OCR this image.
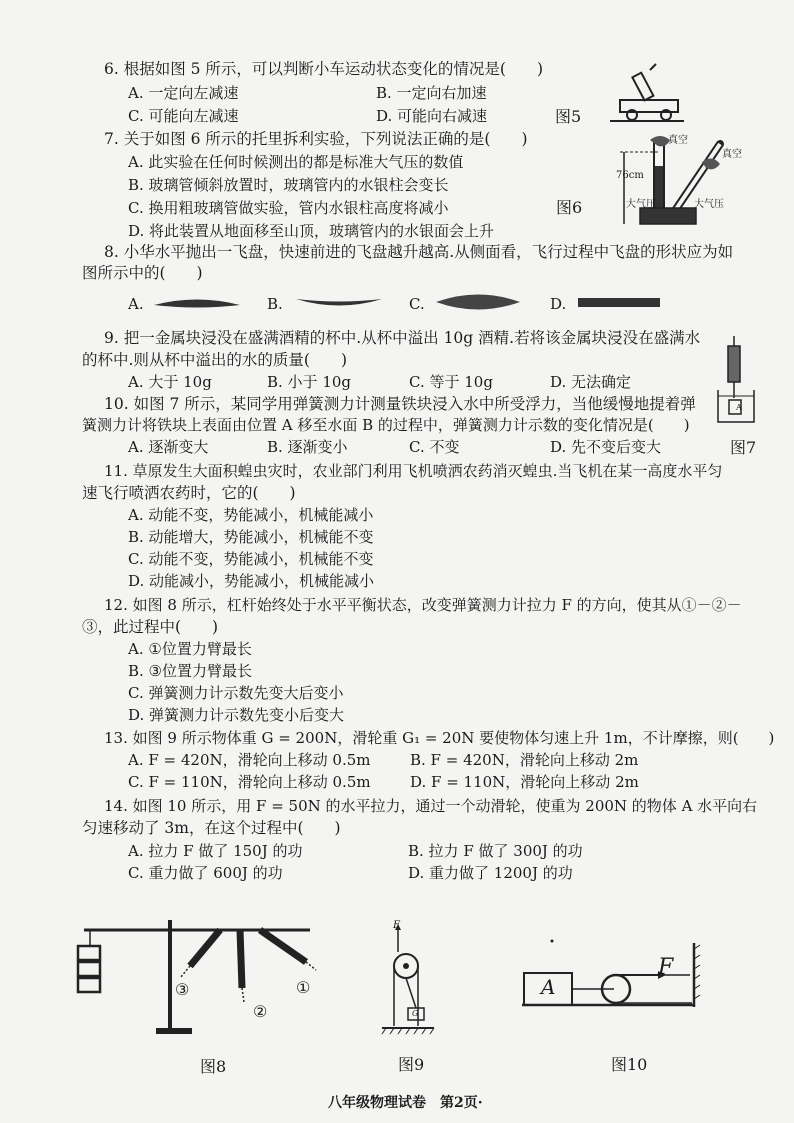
6. 根据如图 5 所示，可以判断小车运动状态变化的情况是(　　)
A. 一定向左减速	B. 一定向右加速
C. 可能向左减速	D. 可能向右减速	图5
7. 关于如图 6 所示的托里拆利实验，下列说法正确的是(　　)
A. 此实验在任何时候测出的都是标准大气压的数值
B. 玻璃管倾斜放置时，玻璃管内的水银柱会变长
C. 换用粗玻璃管做实验，管内水银柱高度将减小
D. 将此装置从地面移至山顶，玻璃管内的水银面会上升
图6
真空
真空
76cm
大气压	大气压
8. 小华水平抛出一飞盘，快速前进的飞盘越升越高.从侧面看，飞行过程中飞盘的形状应为如
图所示中的(　　)
A.	B.	C.	D.
9. 把一金属块浸没在盛满酒精的杯中.从杯中溢出 10g 酒精.若将该金属块浸没在盛满水
的杯中.则从杯中溢出的水的质量(　　)
A. 大于 10g	B. 小于 10g	C. 等于 10g	D. 无法确定
A
10. 如图 7 所示，某同学用弹簧测力计测量铁块浸入水中所受浮力，当他缓慢地提着弹
簧测力计将铁块上表面由位置 A 移至水面 B 的过程中，弹簧测力计示数的变化情况是(　　)
A. 逐渐变大	B. 逐渐变小	C. 不变	D. 先不变后变大	图7
11. 草原发生大面积蝗虫灾时，农业部门利用飞机喷洒农药消灭蝗虫.当飞机在某一高度水平匀
速飞行喷洒农药时，它的(　　)
A. 动能不变，势能减小，机械能减小
B. 动能增大，势能减小，机械能不变
C. 动能不变，势能减小，机械能不变
D. 动能减小，势能减小，机械能减小
12. 如图 8 所示，杠杆始终处于水平平衡状态，改变弹簧测力计拉力 F 的方向，使其从①－②－
③，此过程中(　　)
A. ①位置力臂最长
B. ③位置力臂最长
C. 弹簧测力计示数先变大后变小
D. 弹簧测力计示数先变小后变大
13. 如图 9 所示物体重 G = 200N，滑轮重 G₁ = 20N 要使物体匀速上升 1m，不计摩擦，则(　　)
A. F = 420N，滑轮向上移动 0.5m	B. F = 420N，滑轮向上移动 2m
C. F = 110N，滑轮向上移动 0.5m	D. F = 110N，滑轮向上移动 2m
14. 如图 10 所示，用 F = 50N 的水平拉力，通过一个动滑轮，使重为 200N 的物体 A 水平向右
匀速移动了 3m，在这个过程中(　　)
A. 拉力 F 做了 150J 的功	B. 拉力 F 做了 300J 的功
C. 重力做了 600J 的功	D. 重力做了 1200J 的功
③
②
①
F
G
A
F
图8	图9	图10
八年级物理试卷　第2页·
